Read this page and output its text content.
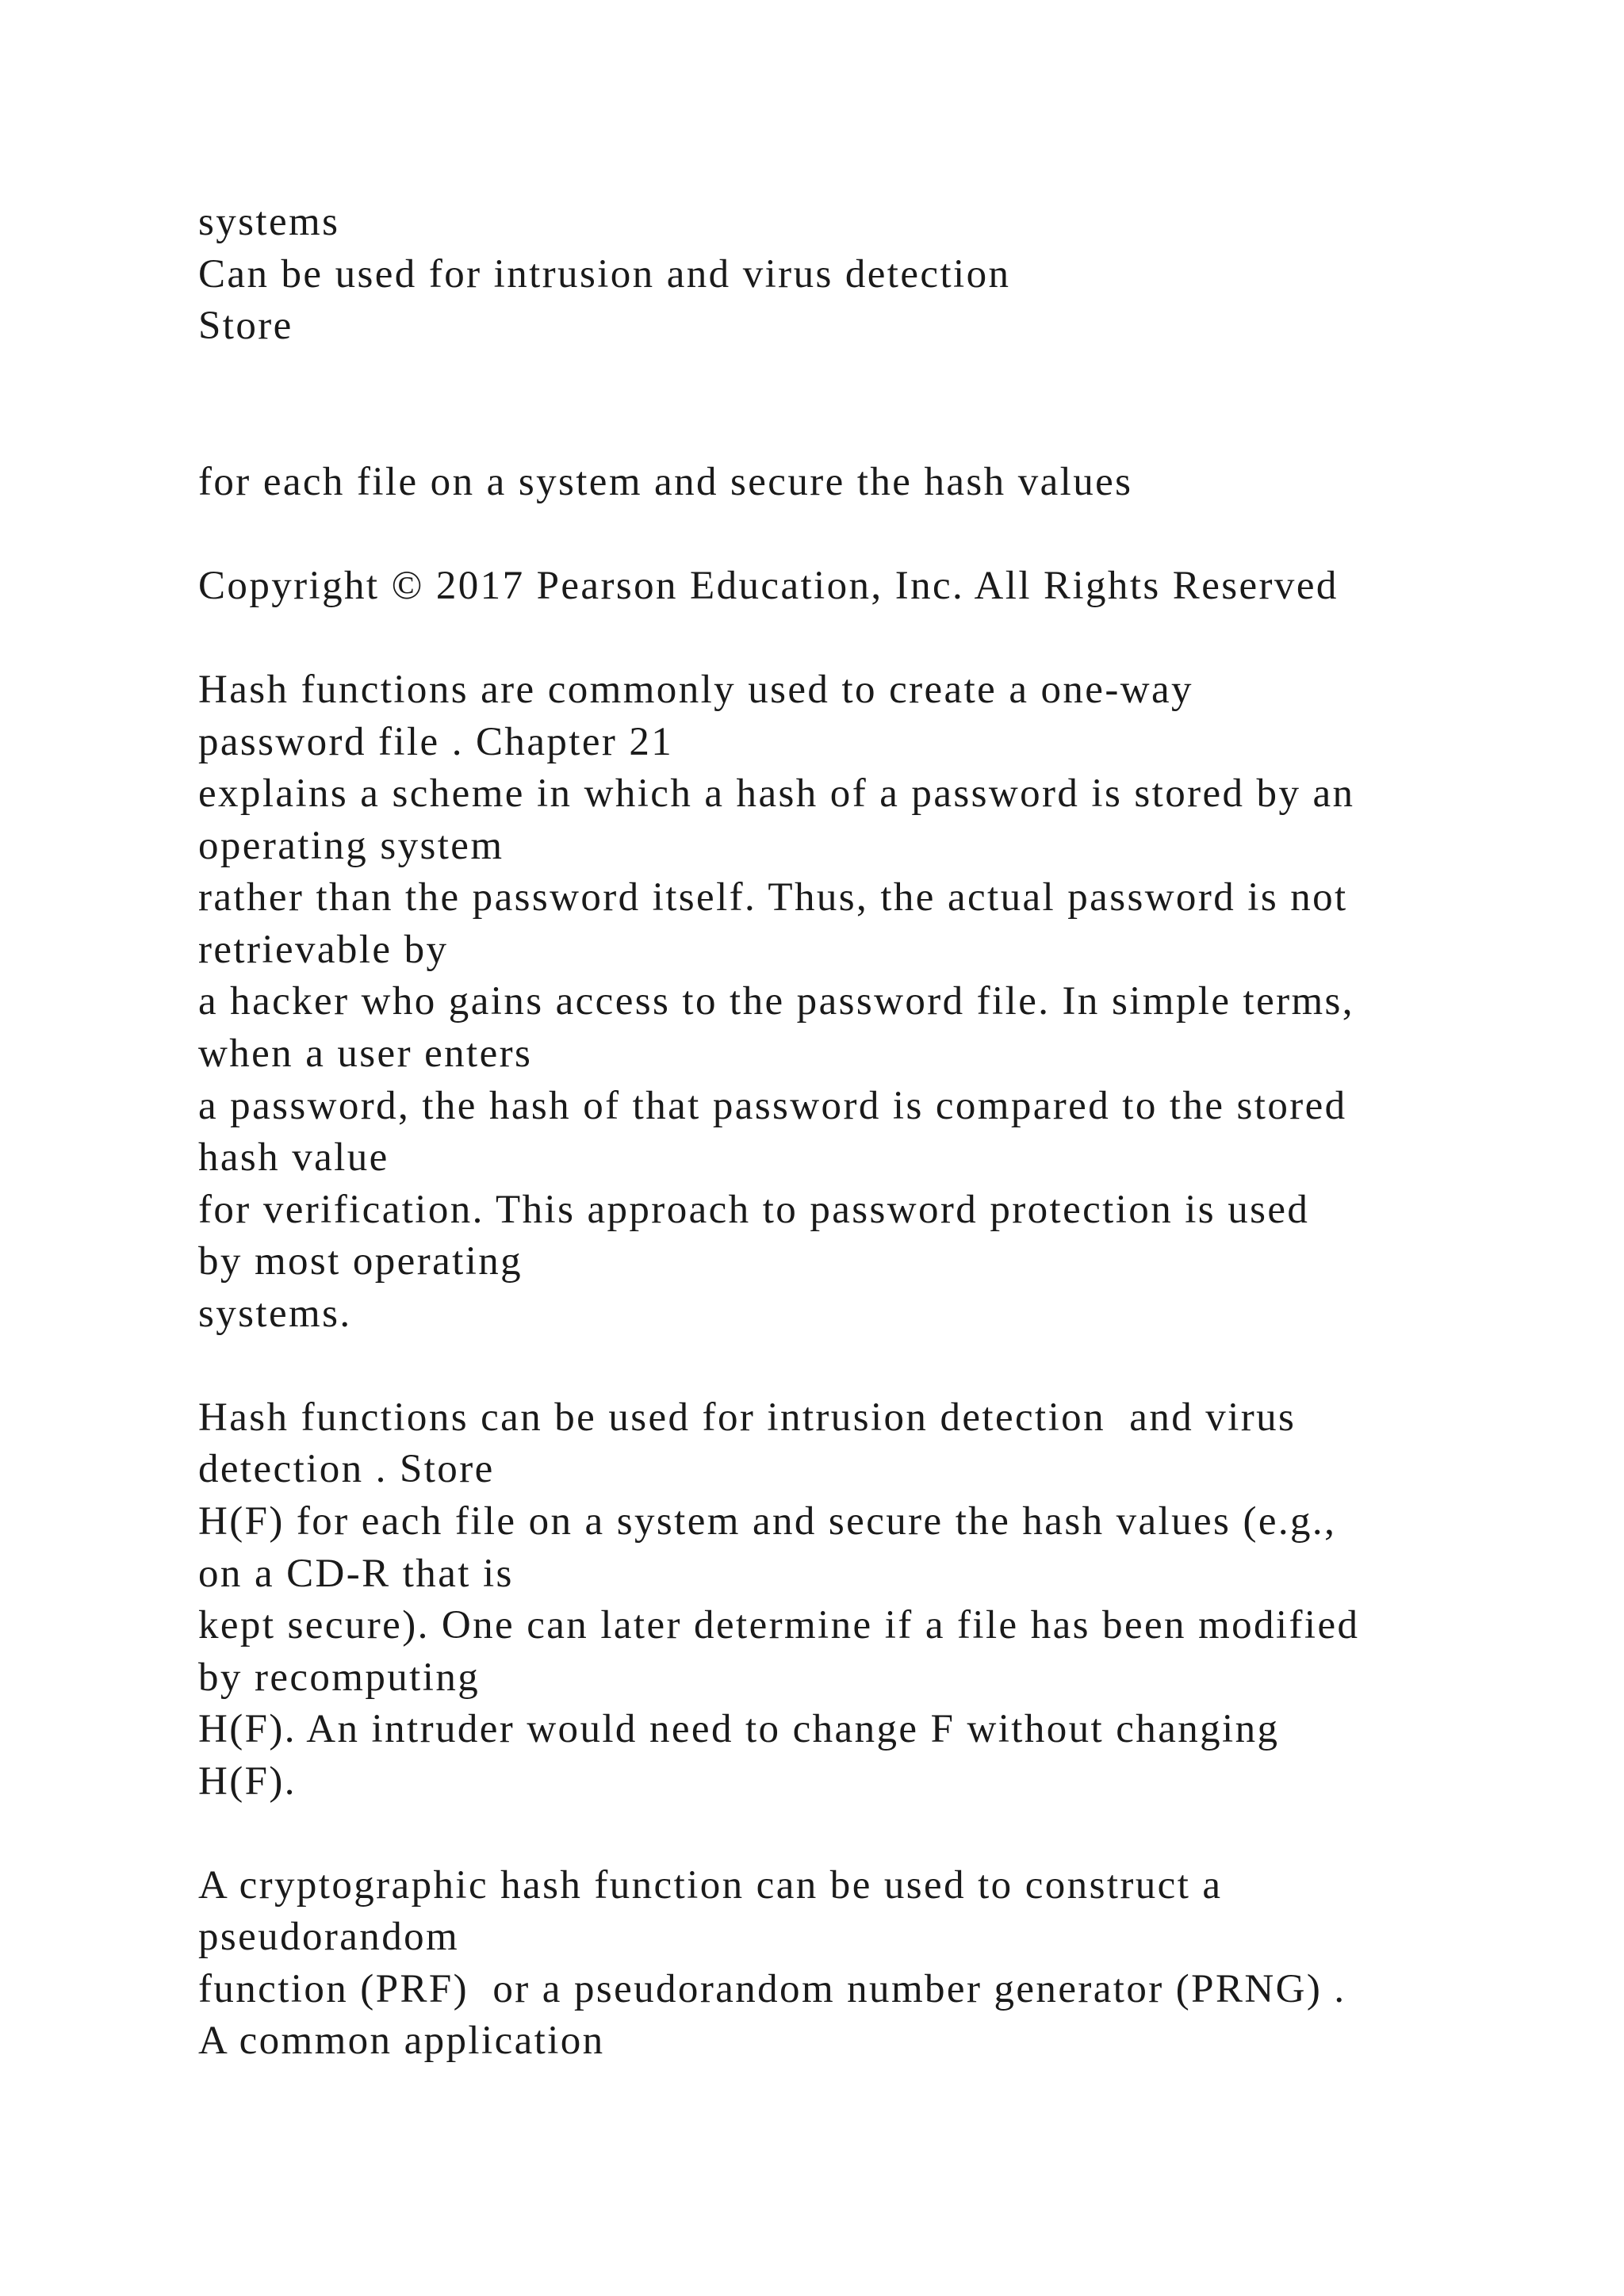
systems

Can be used for intrusion and virus detection

Store

for each file on a system and secure the hash values

Copyright © 2017 Pearson Education, Inc. All Rights Reserved

Hash functions are commonly used to create a one-way

password file . Chapter 21

explains a scheme in which a hash of a password is stored by an

operating system

rather than the password itself. Thus, the actual password is not

retrievable by

a hacker who gains access to the password file. In simple terms,

when a user enters

a password, the hash of that password is compared to the stored

hash value

for verification. This approach to password protection is used

by most operating

systems.

Hash functions can be used for intrusion detection  and virus

detection . Store

H(F) for each file on a system and secure the hash values (e.g.,

on a CD-R that is

kept secure). One can later determine if a file has been modified

by recomputing

H(F). An intruder would need to change F without changing

H(F).

A cryptographic hash function can be used to construct a

pseudorandom

function (PRF)  or a pseudorandom number generator (PRNG) .

A common application
